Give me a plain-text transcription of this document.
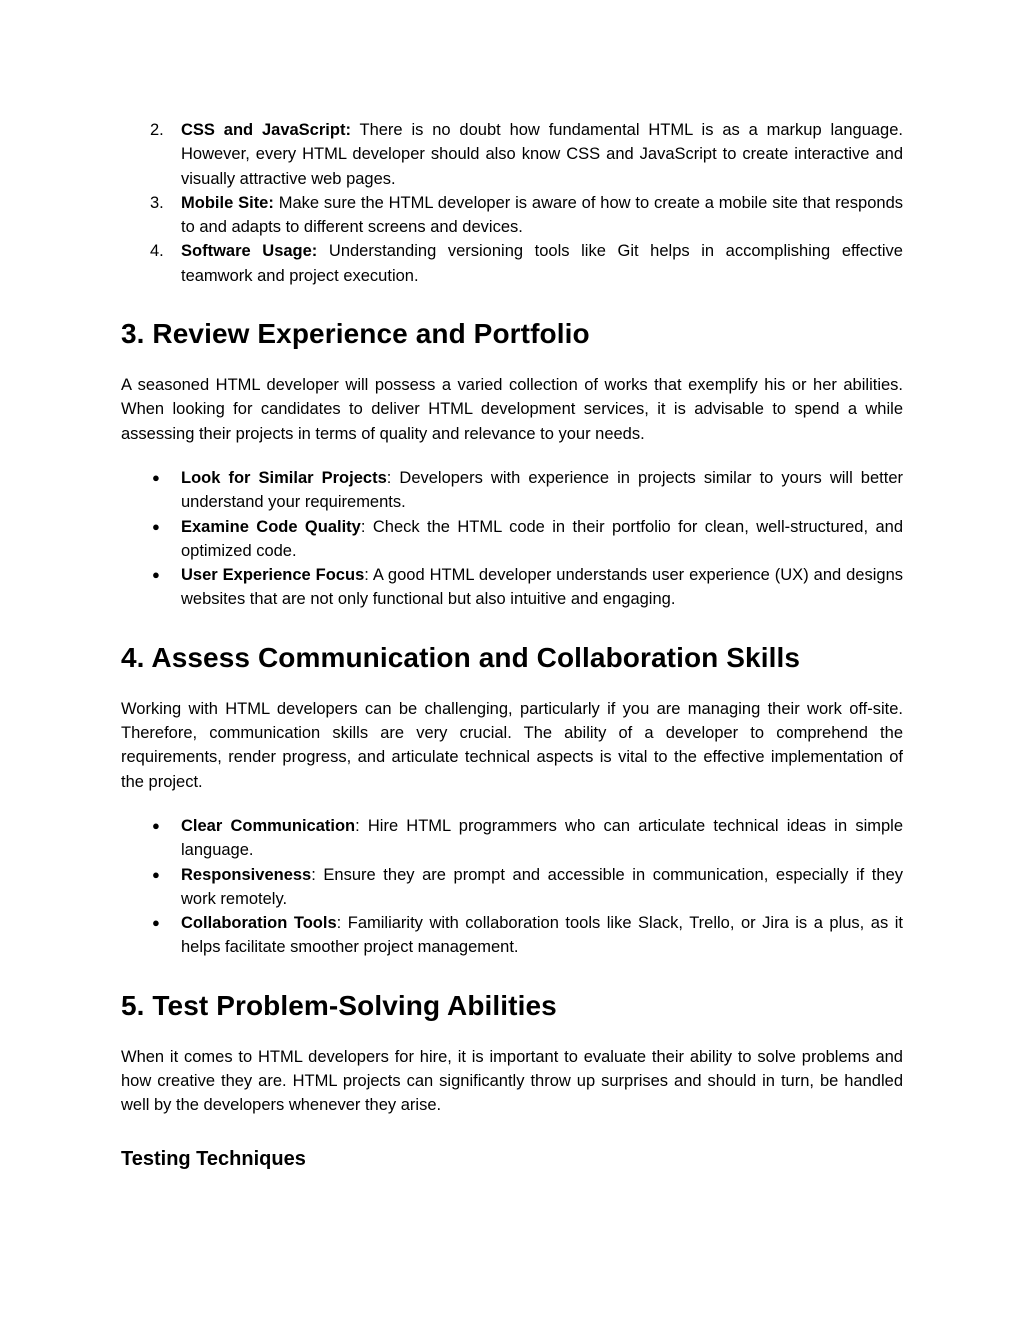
2. CSS and JavaScript: There is no doubt how fundamental HTML is as a markup language. However, every HTML developer should also know CSS and JavaScript to create interactive and visually attractive web pages.
3. Mobile Site: Make sure the HTML developer is aware of how to create a mobile site that responds to and adapts to different screens and devices.
4. Software Usage: Understanding versioning tools like Git helps in accomplishing effective teamwork and project execution.
3. Review Experience and Portfolio

A seasoned HTML developer will possess a varied collection of works that exemplify his or her abilities. When looking for candidates to deliver HTML development services, it is advisable to spend a while assessing their projects in terms of quality and relevance to your needs.

● Look for Similar Projects: Developers with experience in projects similar to yours will better understand your requirements.
● Examine Code Quality: Check the HTML code in their portfolio for clean, well-structured, and optimized code.
● User Experience Focus: A good HTML developer understands user experience (UX) and designs websites that are not only functional but also intuitive and engaging.
4. Assess Communication and Collaboration Skills

Working with HTML developers can be challenging, particularly if you are managing their work off-site. Therefore, communication skills are very crucial. The ability of a developer to comprehend the requirements, render progress, and articulate technical aspects is vital to the effective implementation of the project.

● Clear Communication: Hire HTML programmers who can articulate technical ideas in simple language.
● Responsiveness: Ensure they are prompt and accessible in communication, especially if they work remotely.
● Collaboration Tools: Familiarity with collaboration tools like Slack, Trello, or Jira is a plus, as it helps facilitate smoother project management.
5. Test Problem-Solving Abilities

When it comes to HTML developers for hire, it is important to evaluate their ability to solve problems and how creative they are. HTML projects can significantly throw up surprises and should in turn, be handled well by the developers whenever they arise.

Testing Techniques
